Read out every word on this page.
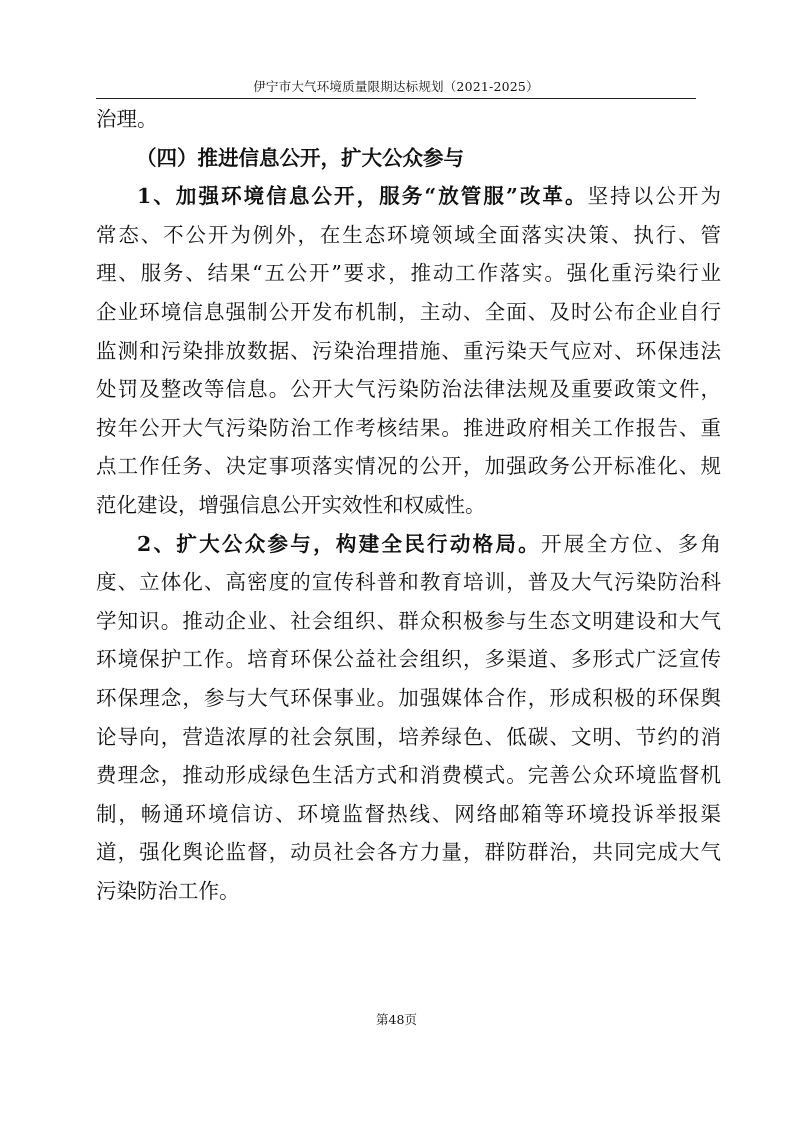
伊宁市大气环境质量限期达标规划（2021-2025）
治理。
（四）推进信息公开，扩大公众参与
1、加强环境信息公开，服务“放管服”改革。坚持以公开为
常态、不公开为例外，在生态环境领域全面落实决策、执行、管
理、服务、结果“五公开”要求，推动工作落实。强化重污染行业
企业环境信息强制公开发布机制，主动、全面、及时公布企业自行
监测和污染排放数据、污染治理措施、重污染天气应对、环保违法
处罚及整改等信息。公开大气污染防治法律法规及重要政策文件，
按年公开大气污染防治工作考核结果。推进政府相关工作报告、重
点工作任务、决定事项落实情况的公开，加强政务公开标准化、规
范化建设，增强信息公开实效性和权威性。
2、扩大公众参与，构建全民行动格局。开展全方位、多角
度、立体化、高密度的宣传科普和教育培训，普及大气污染防治科
学知识。推动企业、社会组织、群众积极参与生态文明建设和大气
环境保护工作。培育环保公益社会组织，多渠道、多形式广泛宣传
环保理念，参与大气环保事业。加强媒体合作，形成积极的环保舆
论导向，营造浓厚的社会氛围，培养绿色、低碳、文明、节约的消
费理念，推动形成绿色生活方式和消费模式。完善公众环境监督机
制，畅通环境信访、环境监督热线、网络邮箱等环境投诉举报渠
道，强化舆论监督，动员社会各方力量，群防群治，共同完成大气
污染防治工作。
第48页
